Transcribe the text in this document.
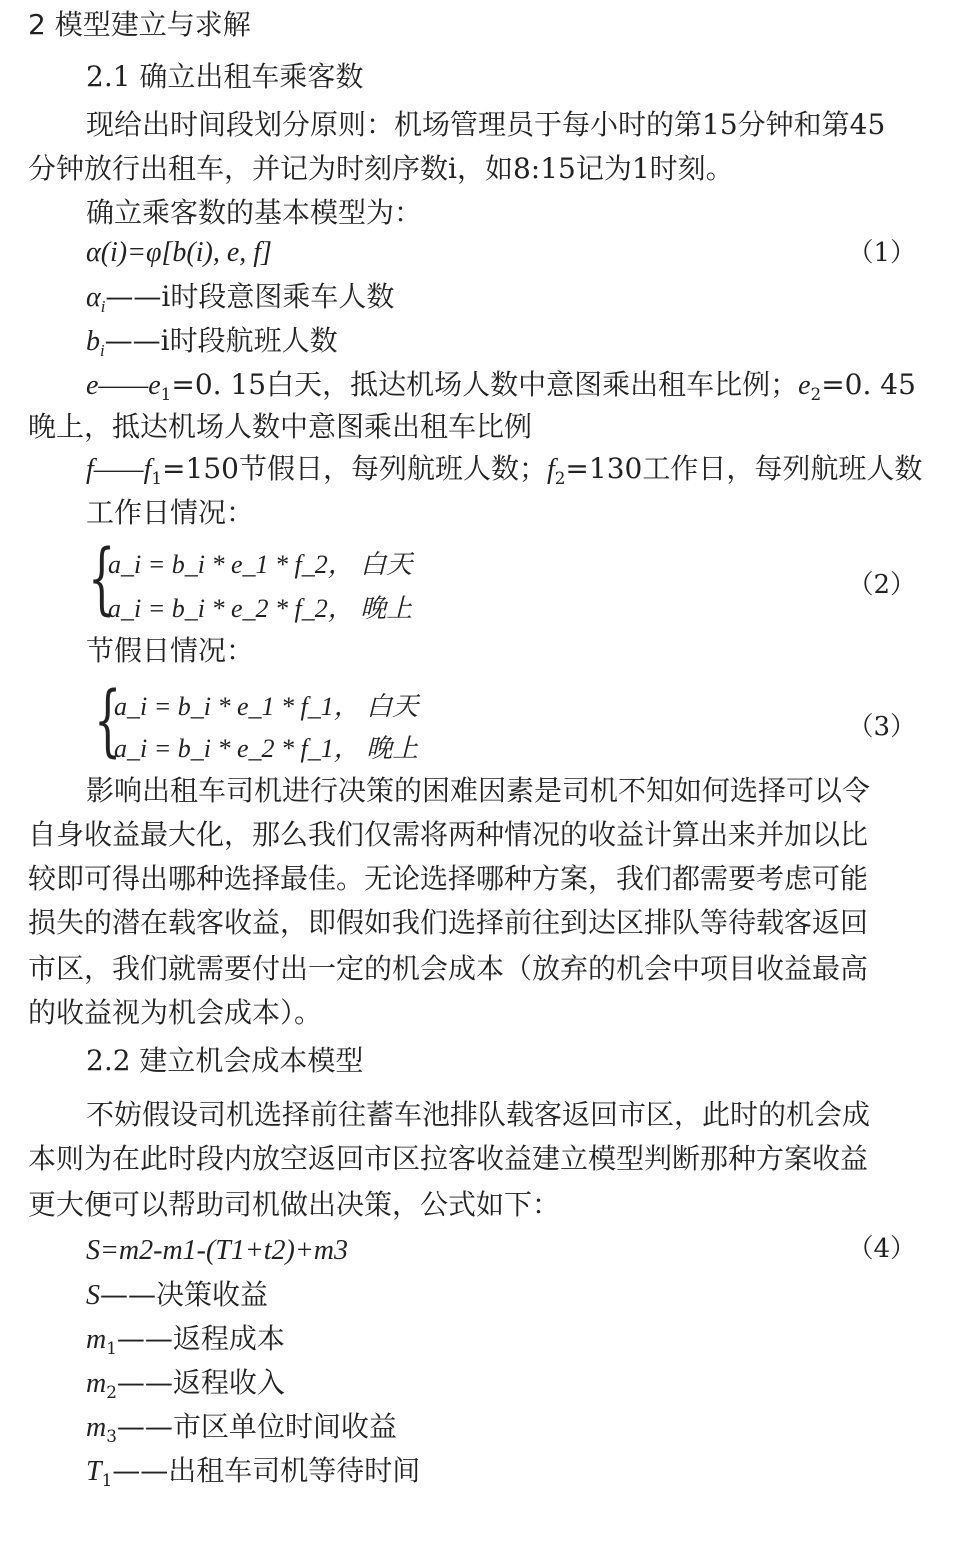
2 模型建立与求解
2.1 确立出租车乘客数
现给出时间段划分原则：机场管理员于每小时的第15分钟和第45
分钟放行出租车，并记为时刻序数i，如8:15记为1时刻。
确立乘客数的基本模型为：
α(i)=φ[b(i), e, f]	（1）
$\alpha_i——i$时段意图乘车人数
$b_i——i$时段航班人数
$e——e_1=0$. 15白天，抵达机场人数中意图乘出租车比例；$e_2=0$. 45
晚上，抵达机场人数中意图乘出租车比例
$f——f_1=150$节假日，每列航班人数；$f_2=130$工作日，每列航班人数
工作日情况：
{
a_i = b_i * e_1 * f_2， 白天
a_i = b_i * e_2 * f_2， 晚上
（2）
节假日情况：
{
a_i = b_i * e_1 * f_1， 白天
a_i = b_i * e_2 * f_1， 晚上
（3）
影响出租车司机进行决策的困难因素是司机不知如何选择可以令
自身收益最大化，那么我们仅需将两种情况的收益计算出来并加以比
较即可得出哪种选择最佳。无论选择哪种方案，我们都需要考虑可能
损失的潜在载客收益，即假如我们选择前往到达区排队等待载客返回
市区，我们就需要付出一定的机会成本（放弃的机会中项目收益最高
的收益视为机会成本）。
2.2 建立机会成本模型
不妨假设司机选择前往蓄车池排队载客返回市区，此时的机会成
本则为在此时段内放空返回市区拉客收益建立模型判断那种方案收益
更大便可以帮助司机做出决策，公式如下：
S=m2-m1-(T1+t2)+m3	（4）
S——决策收益
$m_1——$返程成本
$m_2——$返程收入
$m_3——$市区单位时间收益
$T_1——$出租车司机等待时间
